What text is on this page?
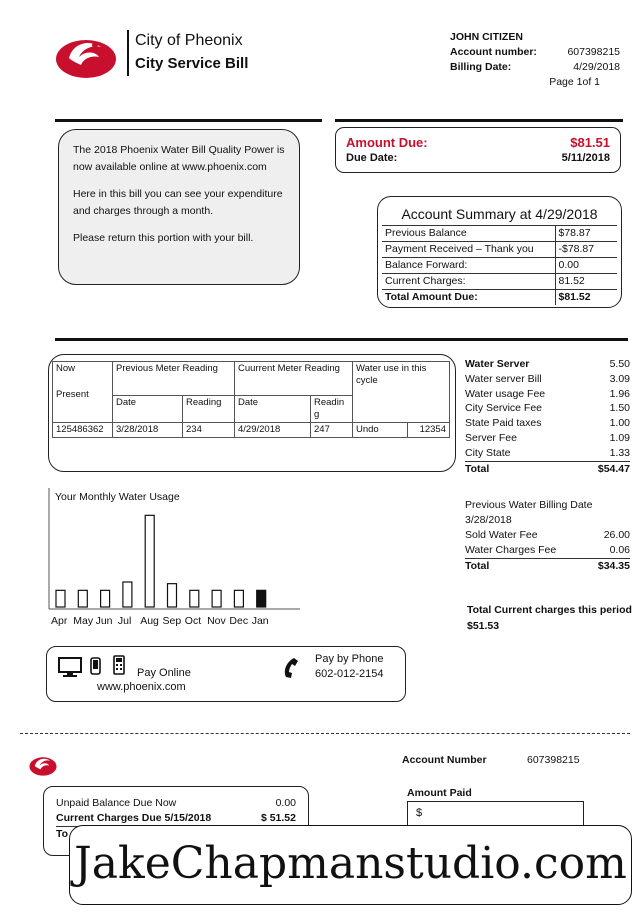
City of Pheonix
City Service Bill
JOHN CITIZEN
Account number:	607398215
Billing Date:	4/29/2018
Page 1of 1

The 2018 Phoenix Water Bill Quality Power is now available online at www.phoenix.com

Here in this bill you can see your expenditure and charges through a month.

Please return this portion with your bill.

Amount Due:	$81.51
Due Date:	5/11/2018
Account Summary at 4/29/2018
Previous Balance	$78.87
Payment Received – Thank you	-$78.87
Balance Forward:	0.00
Current Charges:	81.52
Total Amount Due:	$81.52
Now
Present	Previous Meter Reading		Cuurrent Meter Reading		Water use in this cycle	
	Date	Reading	Date	Readin
g		

125486362	3/28/2018	234	4/29/2018	247	Undo	12354
Water Server	5.50
Water server Bill	3.09
Water usage Fee	1.96
City Service Fee	1.50
State Paid taxes	1.00
Server Fee	1.09
City State	1.33
Total	$54.47
Previous Water Billing Date
3/28/2018
Sold Water Fee	26.00
Water Charges Fee	0.06
Total	$34.35
Total Current charges this period
$51.53
Your Monthly Water Usage
Pay Online
www.phoenix.com
Pay by Phone
602-012-2154
Account Number	607398215
Unpaid Balance Due Now	0.00
Current Charges Due 5/15/2018	$ 51.52
To
Amount Paid
$
JakeChapmanstudio.com
Apr May Jun Jul Aug Sep Oct Nov Dec Jan
